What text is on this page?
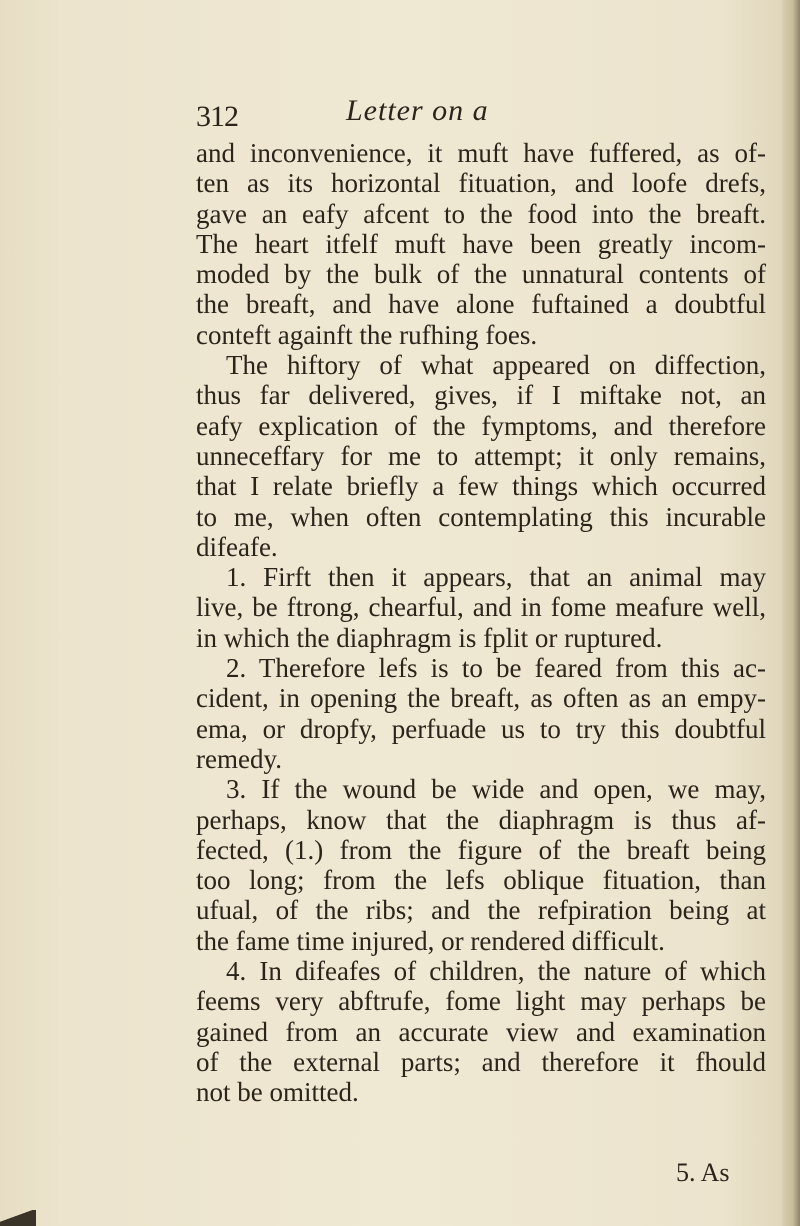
312	Letter on a
and inconvenience, it muft have fuffered, as of-
ten as its horizontal fituation, and loofe drefs,
gave an eafy afcent to the food into the breaft.
The heart itfelf muft have been greatly incom-
moded by the bulk of the unnatural contents of
the breaft, and have alone fuftained a doubtful
conteft againft the rufhing foes.
The hiftory of what appeared on diffection,
thus far delivered, gives, if I miftake not, an
eafy explication of the fymptoms, and therefore
unneceffary for me to attempt; it only remains,
that I relate briefly a few things which occurred
to me, when often contemplating this incurable
difeafe.
1. Firft then it appears, that an animal may
live, be ftrong, chearful, and in fome meafure well,
in which the diaphragm is fplit or ruptured.
2. Therefore lefs is to be feared from this ac-
cident, in opening the breaft, as often as an empy-
ema, or dropfy, perfuade us to try this doubtful
remedy.
3. If the wound be wide and open, we may,
perhaps, know that the diaphragm is thus af-
fected, (1.) from the figure of the breaft being
too long; from the lefs oblique fituation, than
ufual, of the ribs; and the refpiration being at
the fame time injured, or rendered difficult.
4. In difeafes of children, the nature of which
feems very abftrufe, fome light may perhaps be
gained from an accurate view and examination
of the external parts; and therefore it fhould
not be omitted.
5. As
